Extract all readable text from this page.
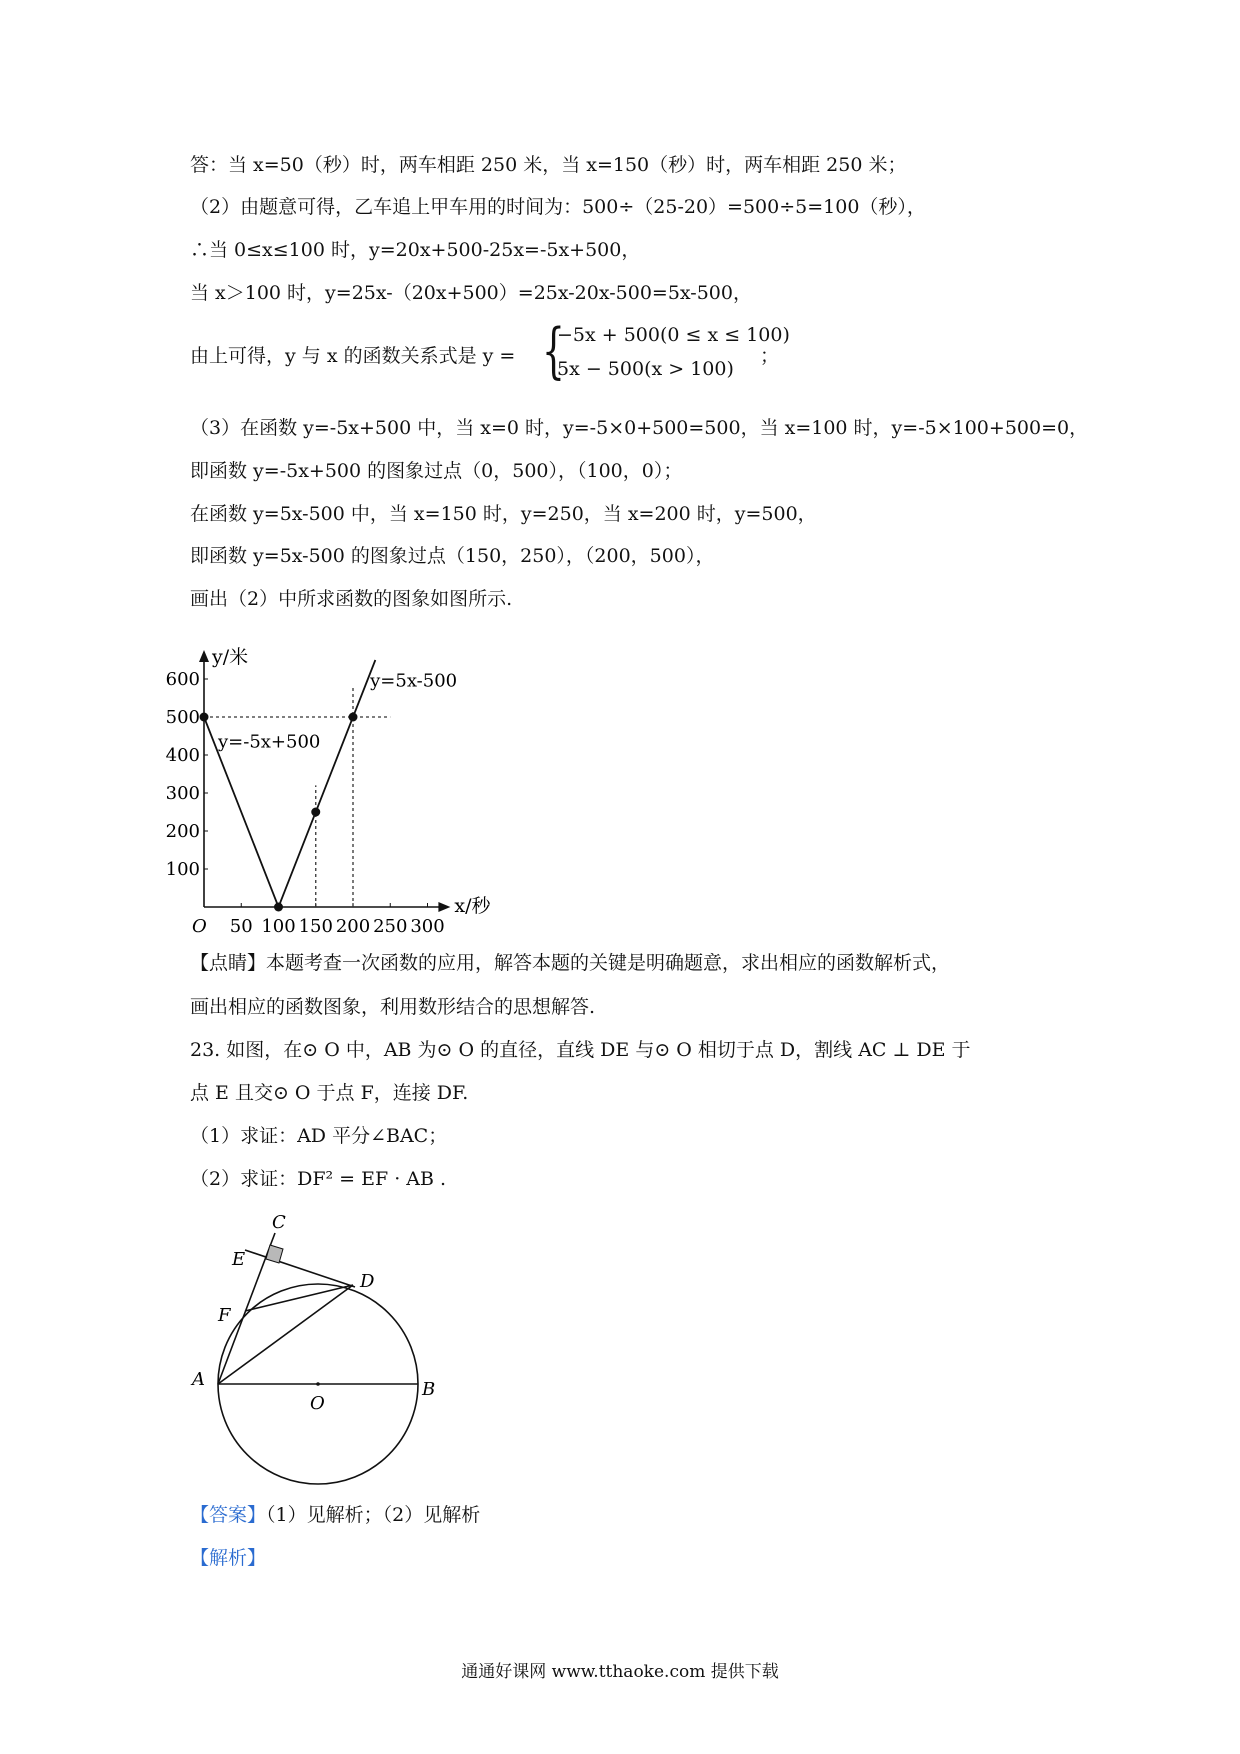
答：当 x=50（秒）时，两车相距 250 米，当 x=150（秒）时，两车相距 250 米；
（2）由题意可得，乙车追上甲车用的时间为：500÷（25-20）=500÷5=100（秒），
∴当 0≤x≤100 时，y=20x+500-25x=-5x+500，
当 x＞100 时，y=25x-（20x+500）=25x-20x-500=5x-500，
由上可得，y 与 x 的函数关系式是 y = {
−5x + 500(0 ≤ x ≤ 100)
5x − 500(x > 100)
；
（3）在函数 y=-5x+500 中，当 x=0 时，y=-5×0+500=500，当 x=100 时，y=-5×100+500=0，
即函数 y=-5x+500 的图象过点（0，500），（100，0）；
在函数 y=5x-500 中，当 x=150 时，y=250，当 x=200 时，y=500，
即函数 y=5x-500 的图象过点（150，250），（200，500），
画出（2）中所求函数的图象如图所示.
50 100 150 200 250 300
100
200
300
400
500
600
O
y/米
x/秒
y=-5x+500
y=5x-500
【点睛】本题考查一次函数的应用，解答本题的关键是明确题意，求出相应的函数解析式，
画出相应的函数图象，利用数形结合的思想解答.
23. 如图，在⊙ O 中，AB 为⊙ O 的直径，直线 DE 与⊙ O 相切于点 D，割线 AC ⊥ DE 于
点 E 且交⊙ O 于点 F，连接 DF.
（1）求证：AD 平分∠BAC；
（2）求证：DF² = EF · AB .
C
E
D
F
A
O
B
【答案】（1）见解析；（2）见解析
【解析】
通通好课网 www.tthaoke.com 提供下载
